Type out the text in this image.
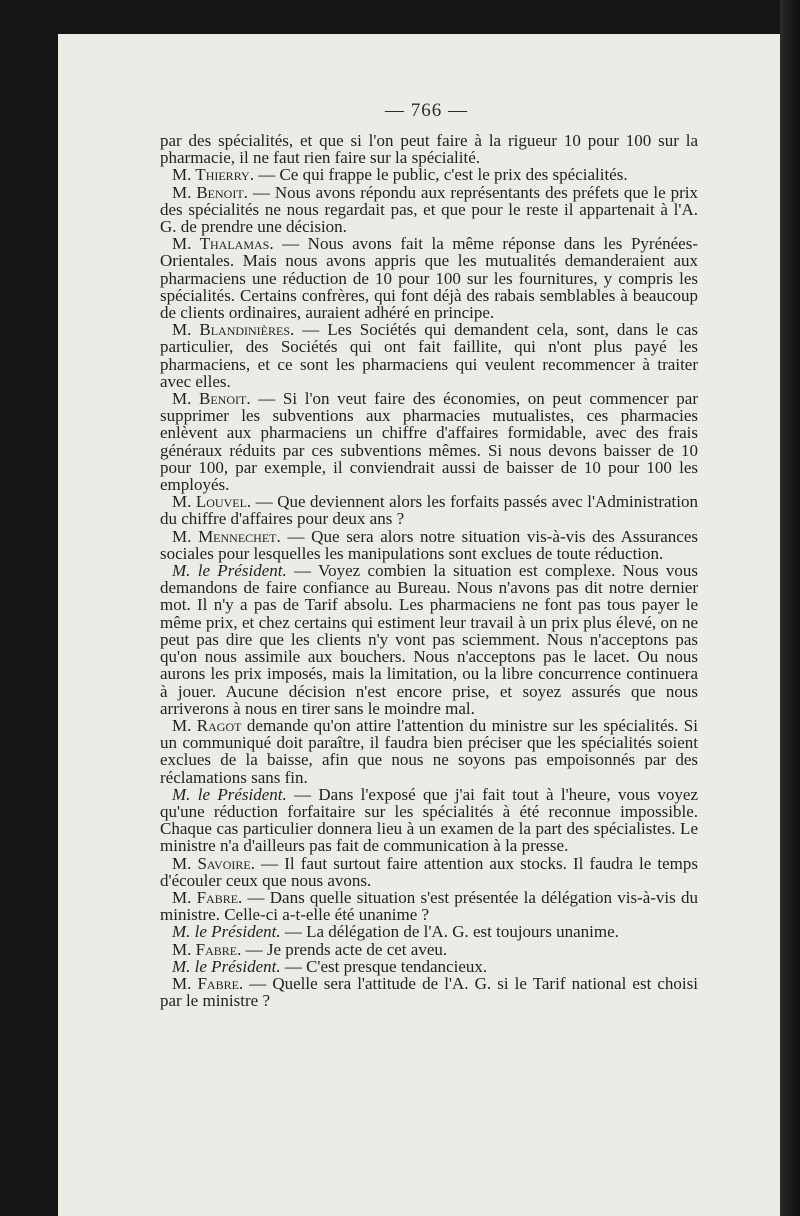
— 766 —

par des spécialités, et que si l'on peut faire à la rigueur 10 pour 100 sur la pharmacie, il ne faut rien faire sur la spécialité.

M. Thierry. — Ce qui frappe le public, c'est le prix des spécialités.

M. Benoit. — Nous avons répondu aux représentants des préfets que le prix des spécialités ne nous regardait pas, et que pour le reste il appartenait à l'A. G. de prendre une décision.

M. Thalamas. — Nous avons fait la même réponse dans les Pyrénées-Orientales. Mais nous avons appris que les mutualités demanderaient aux pharmaciens une réduction de 10 pour 100 sur les fournitures, y compris les spécialités. Certains confrères, qui font déjà des rabais semblables à beaucoup de clients ordinaires, auraient adhéré en principe.

M. Blandinières. — Les Sociétés qui demandent cela, sont, dans le cas particulier, des Sociétés qui ont fait faillite, qui n'ont plus payé les pharmaciens, et ce sont les pharmaciens qui veulent recommencer à traiter avec elles.

M. Benoit. — Si l'on veut faire des économies, on peut commencer par supprimer les subventions aux pharmacies mutualistes, ces pharmacies enlèvent aux pharmaciens un chiffre d'affaires formidable, avec des frais généraux réduits par ces subventions mêmes. Si nous devons baisser de 10 pour 100, par exemple, il conviendrait aussi de baisser de 10 pour 100 les employés.

M. Louvel. — Que deviennent alors les forfaits passés avec l'Administration du chiffre d'affaires pour deux ans ?

M. Mennechet. — Que sera alors notre situation vis-à-vis des Assurances sociales pour lesquelles les manipulations sont exclues de toute réduction.

M. le Président. — Voyez combien la situation est complexe. Nous vous demandons de faire confiance au Bureau. Nous n'avons pas dit notre dernier mot. Il n'y a pas de Tarif absolu. Les pharmaciens ne font pas tous payer le même prix, et chez certains qui estiment leur travail à un prix plus élevé, on ne peut pas dire que les clients n'y vont pas sciemment. Nous n'acceptons pas qu'on nous assimile aux bouchers. Nous n'acceptons pas le lacet. Ou nous aurons les prix imposés, mais la limitation, ou la libre concurrence continuera à jouer. Aucune décision n'est encore prise, et soyez assurés que nous arriverons à nous en tirer sans le moindre mal.

M. Ragot demande qu'on attire l'attention du ministre sur les spécialités. Si un communiqué doit paraître, il faudra bien préciser que les spécialités soient exclues de la baisse, afin que nous ne soyons pas empoisonnés par des réclamations sans fin.

M. le Président. — Dans l'exposé que j'ai fait tout à l'heure, vous voyez qu'une réduction forfaitaire sur les spécialités à été reconnue impossible. Chaque cas particulier donnera lieu à un examen de la part des spécialistes. Le ministre n'a d'ailleurs pas fait de communication à la presse.

M. Savoire. — Il faut surtout faire attention aux stocks. Il faudra le temps d'écouler ceux que nous avons.

M. Fabre. — Dans quelle situation s'est présentée la délégation vis-à-vis du ministre. Celle-ci a-t-elle été unanime ?

M. le Président. — La délégation de l'A. G. est toujours unanime.

M. Fabre. — Je prends acte de cet aveu.

M. le Président. — C'est presque tendancieux.

M. Fabre. — Quelle sera l'attitude de l'A. G. si le Tarif national est choisi par le ministre ?
